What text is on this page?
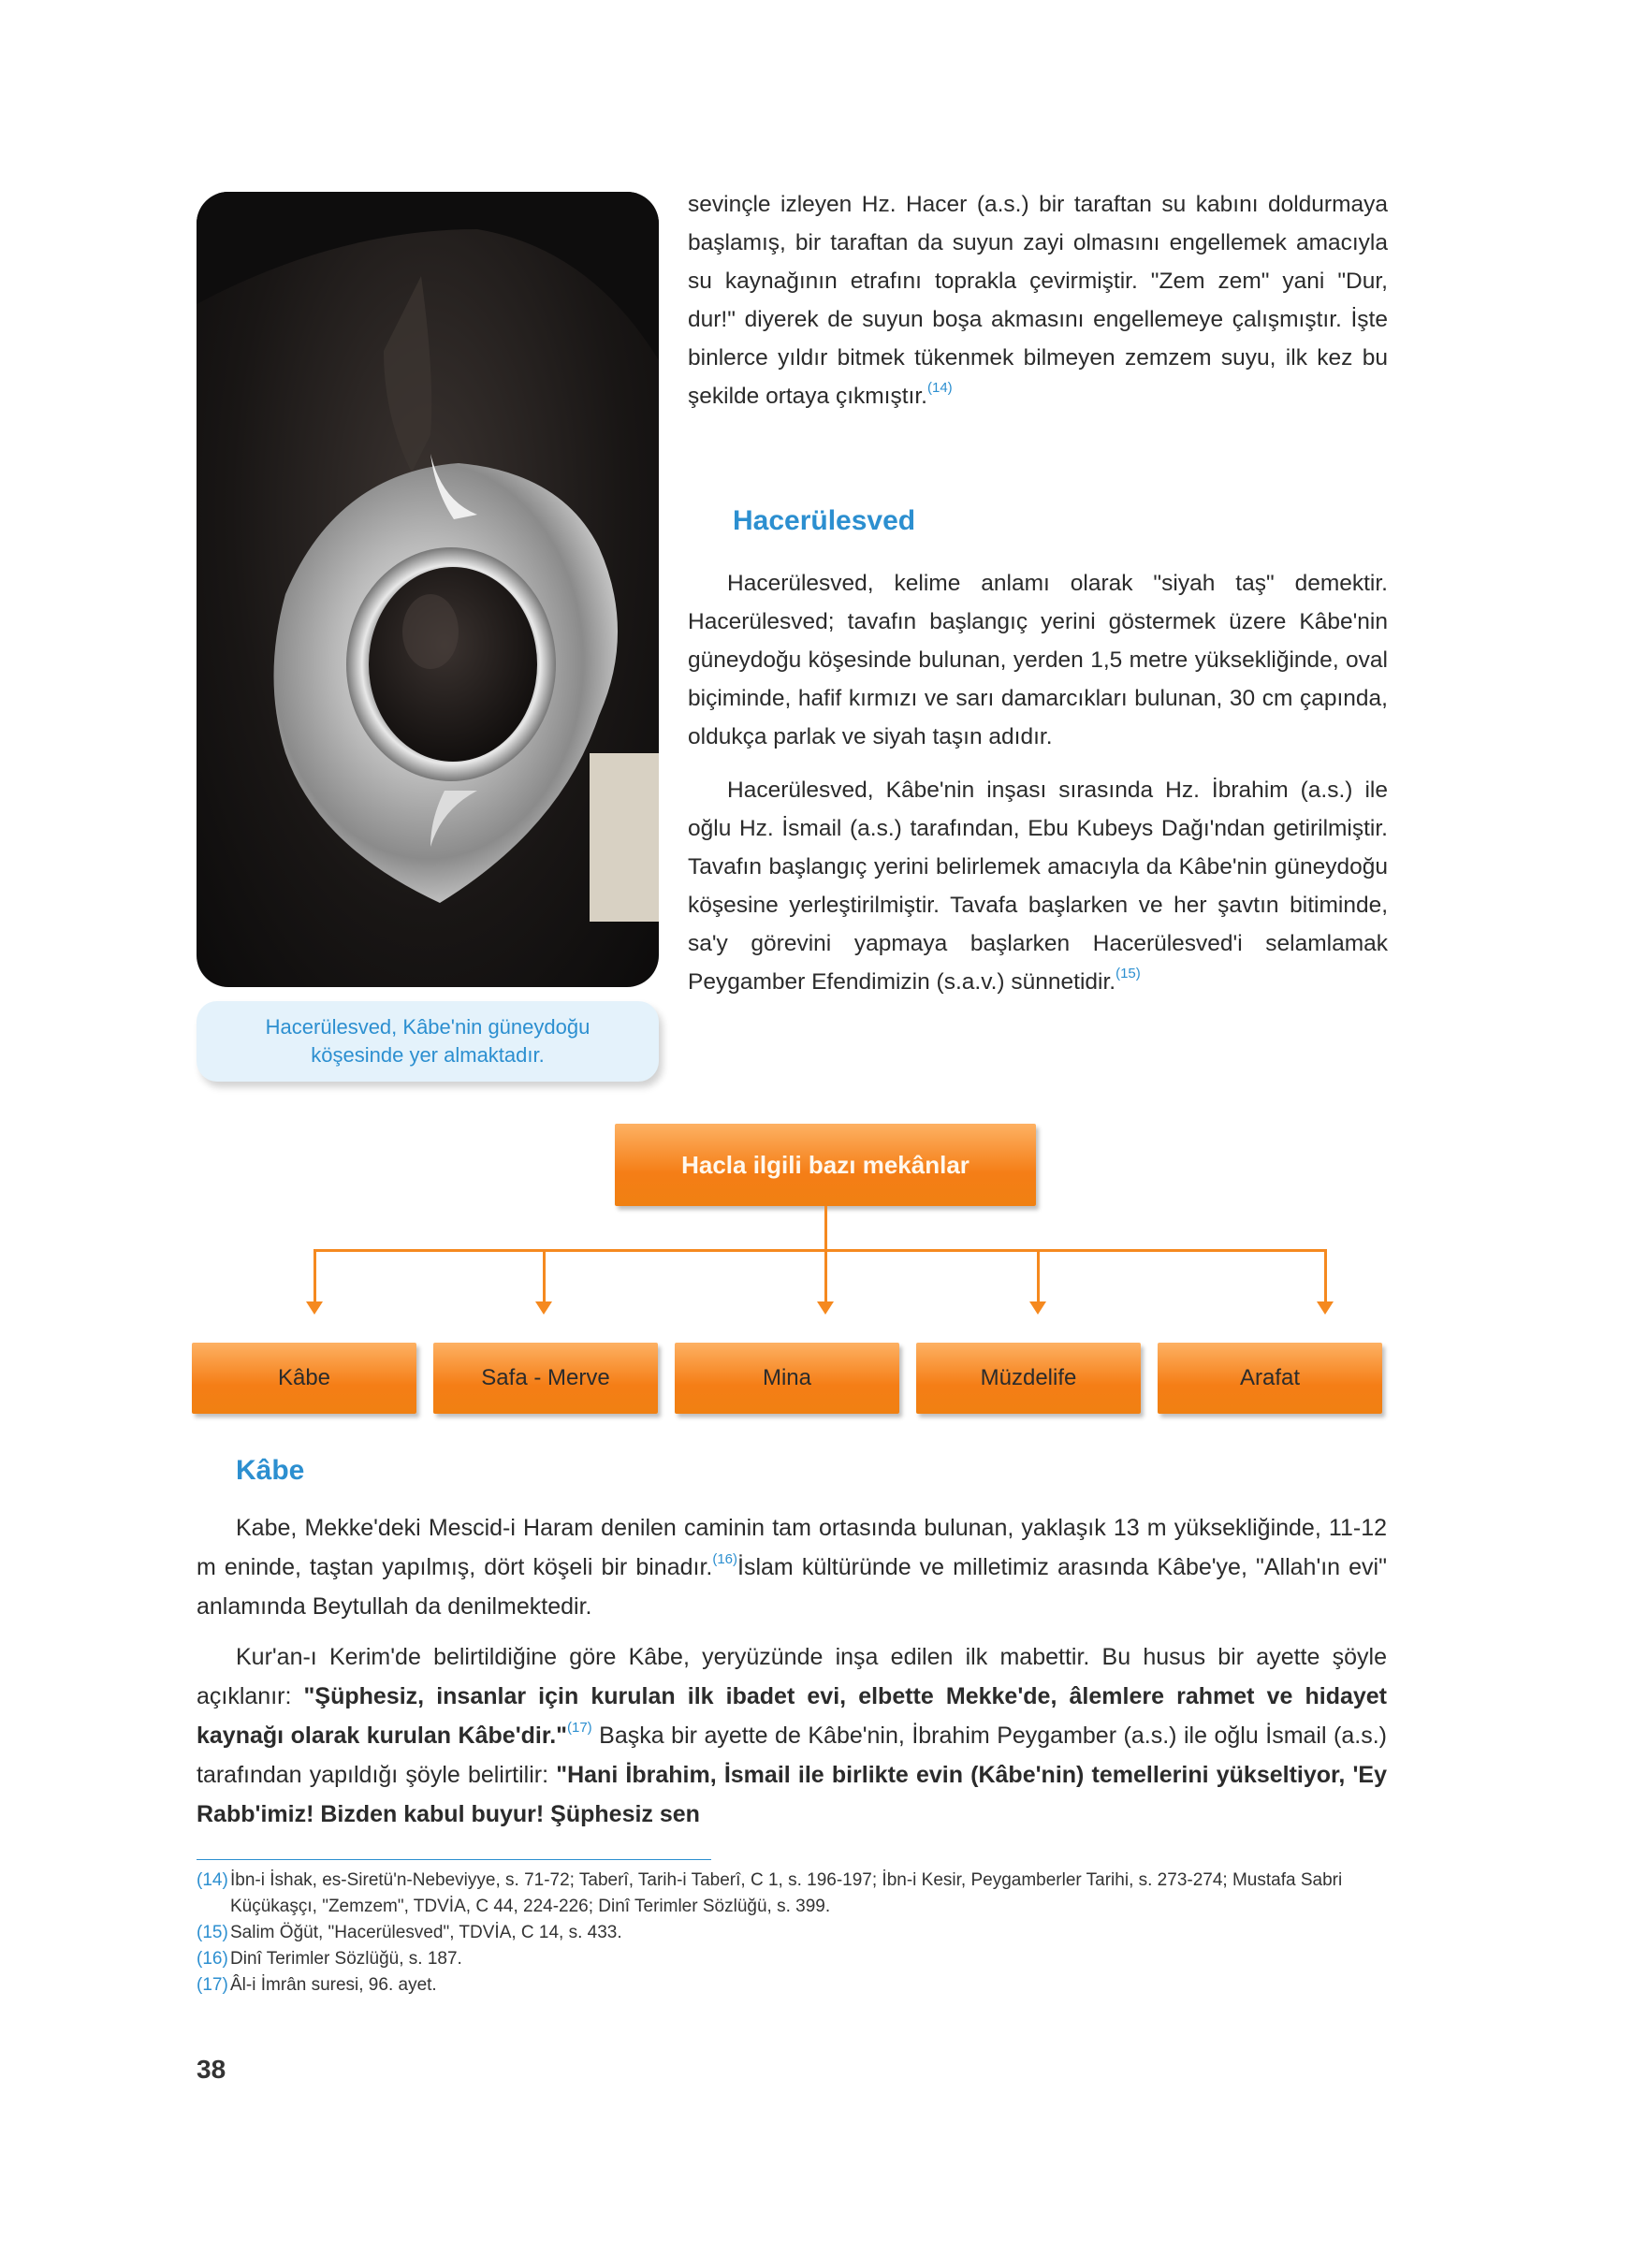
Hacerülesved, Kâbe'nin güneydoğu köşesinde yer almaktadır.

sevinçle izleyen Hz. Hacer (a.s.) bir taraftan su kabını doldurmaya başlamış, bir taraftan da suyun zayi olmasını engellemek amacıyla su kaynağının etrafını toprakla çevirmiştir. "Zem zem" yani "Dur, dur!" diyerek de suyun boşa akmasını engellemeye çalışmıştır. İşte binlerce yıldır bitmek tükenmek bilmeyen zemzem suyu, ilk kez bu şekilde ortaya çıkmıştır.$^{(14)}$

Hacerülesved

Hacerülesved, kelime anlamı olarak "siyah taş" demektir. Hacerülesved; tavafın başlangıç yerini göstermek üzere Kâbe'nin güneydoğu köşesinde bulunan, yerden 1,5 metre yüksekliğinde, oval biçiminde, hafif kırmızı ve sarı damarcıkları bulunan, 30 cm çapında, oldukça parlak ve siyah taşın adıdır.

Hacerülesved, Kâbe'nin inşası sırasında Hz. İbrahim (a.s.) ile oğlu Hz. İsmail (a.s.) tarafından, Ebu Kubeys Dağı'ndan getirilmiştir. Tavafın başlangıç yerini belirlemek amacıyla da Kâbe'nin güneydoğu köşesine yerleştirilmiştir. Tavafa başlarken ve her şavtın bitiminde, sa'y görevini yapmaya başlarken Hacerülesved'i selamlamak Peygamber Efendimizin (s.a.v.) sünnetidir.$^{(15)}$

Hacla ilgili bazı mekânlar
Kâbe	Safa - Merve	Mina	Müzdelife	Arafat
Kâbe

Kabe, Mekke'deki Mescid-i Haram denilen caminin tam ortasında bulunan, yaklaşık 13 m yüksekliğinde, 11-12 m eninde, taştan yapılmış, dört köşeli bir binadır.$^{(16)}$İslam kültüründe ve milletimiz arasında Kâbe'ye, "Allah'ın evi" anlamında Beytullah da denilmektedir.

Kur'an-ı Kerim'de belirtildiğine göre Kâbe, yeryüzünde inşa edilen ilk mabettir. Bu husus bir ayette şöyle açıklanır: "Şüphesiz, insanlar için kurulan ilk ibadet evi, elbette Mekke'de, âlemlere rahmet ve hidayet kaynağı olarak kurulan Kâbe'dir."$^{(17)}$ Başka bir ayette de Kâbe'nin, İbrahim Peygamber (a.s.) ile oğlu İsmail (a.s.) tarafından yapıldığı şöyle belirtilir: "Hani İbrahim, İsmail ile birlikte evin (Kâbe'nin) temellerini yükseltiyor, 'Ey Rabb'imiz! Bizden kabul buyur! Şüphesiz sen

(14) İbn-i İshak, es-Siretü'n-Nebeviyye, s. 71-72; Taberî, Tarih-i Taberî, C 1, s. 196-197; İbn-i Kesir, Peygamberler Tarihi, s. 273-274; Mustafa Sabri Küçükaşçı, "Zemzem", TDVİA, C 44, 224-226; Dinî Terimler Sözlüğü, s. 399.
(15) Salim Öğüt, "Hacerülesved", TDVİA, C 14, s. 433.
(16) Dinî Terimler Sözlüğü, s. 187.
(17) Âl-i İmrân suresi, 96. ayet.
38
